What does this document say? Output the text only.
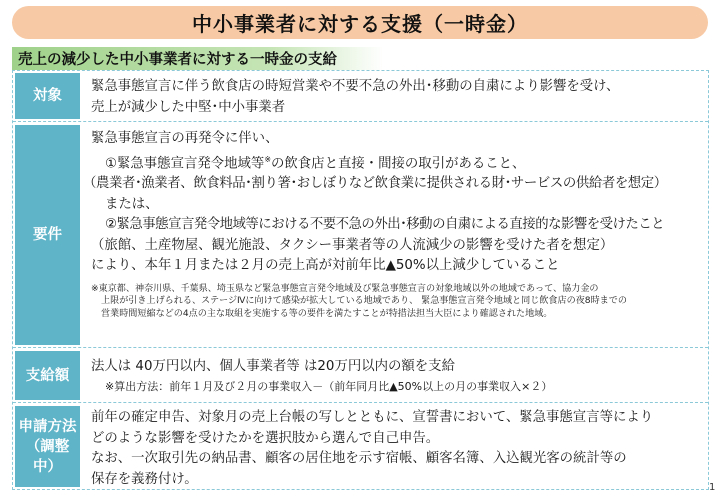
中小事業者に対する支援（一時金）
売上の減少した中小事業者に対する一時金の支給
対象
緊急事態宣言に伴う飲食店の時短営業や不要不急の外出･移動の自粛により影響を受け、
売上が減少した中堅･中小事業者
要件
緊急事態宣言の再発令に伴い、
①緊急事態宣言発令地域等※の飲食店と直接・間接の取引があること、
（農業者･漁業者、飲食料品･割り箸･おしぼりなど飲食業に提供される財･サービスの供給者を想定）
または、
②緊急事態宣言発令地域等における不要不急の外出･移動の自粛による直接的な影響を受けたこと
（旅館、土産物屋、観光施設、タクシー事業者等の人流減少の影響を受けた者を想定）
により、本年１月または２月の売上高が対前年比▲50%以上減少していること
※東京都、神奈川県、千葉県、埼玉県など緊急事態宣言発令地域及び緊急事態宣言の対象地域以外の地域であって、協力金の
上限が引き上げられる、ステージⅣに向けて感染が拡大している地域であり、 緊急事態宣言発令地域と同じ飲食店の夜8時までの
営業時間短縮などの4点の主な取組を実施する等の要件を満たすことが特措法担当大臣により確認された地域。
支給額
法人は 40万円以内、個人事業者等 は20万円以内の額を支給
※算出方法：前年１月及び２月の事業収入－（前年同月比▲50%以上の月の事業収入×２）
申請方法
（調整中）
前年の確定申告、対象月の売上台帳の写しとともに、宣誓書において、緊急事態宣言等により
どのような影響を受けたかを選択肢から選んで自己申告。
なお、一次取引先の納品書、顧客の居住地を示す宿帳、顧客名簿、入込観光客の統計等の
保存を義務付け。
1
